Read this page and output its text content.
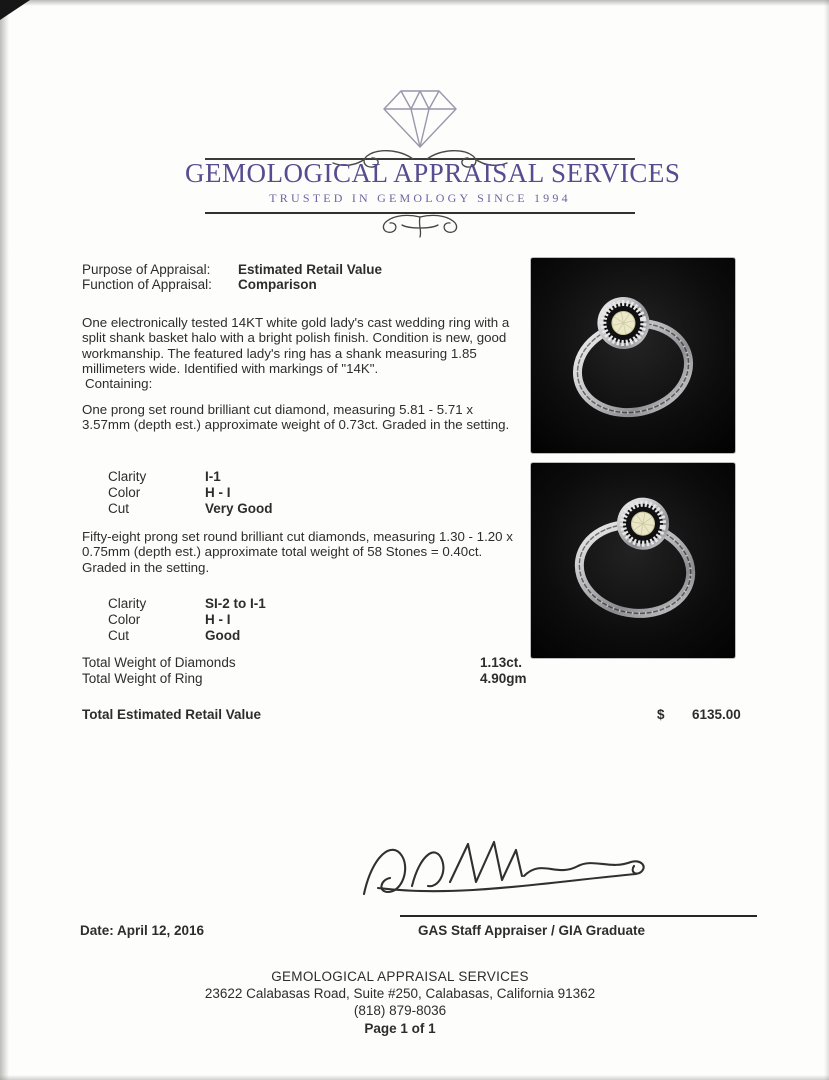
GEMOLOGICAL APPRAISAL SERVICES
TRUSTED IN GEMOLOGY SINCE 1994
Purpose of Appraisal: Estimated Retail Value
Function of Appraisal: Comparison
One electronically tested 14KT white gold lady's cast wedding ring with a split shank basket halo with a bright polish finish. Condition is new, good workmanship. The featured lady's ring has a shank measuring 1.85 millimeters wide. Identified with markings of "14K".
Containing:
One prong set round brilliant cut diamond, measuring 5.81 - 5.71 x 3.57mm (depth est.) approximate weight of 0.73ct. Graded in the setting.
Clarity	I-1
Color	H - I
Cut	Very Good
Fifty-eight prong set round brilliant cut diamonds, measuring 1.30 - 1.20 x 0.75mm (depth est.) approximate total weight of 58 Stones = 0.40ct. Graded in the setting.
Clarity	SI-2 to I-1
Color	H - I
Cut	Good
Total Weight of Diamonds	1.13ct.
Total Weight of Ring	4.90gm
Total Estimated Retail Value	$ 6135.00
Date: April 12, 2016	GAS Staff Appraiser / GIA Graduate
GEMOLOGICAL APPRAISAL SERVICES
23622 Calabasas Road, Suite #250, Calabasas, California 91362
(818) 879-8036
Page 1 of 1
